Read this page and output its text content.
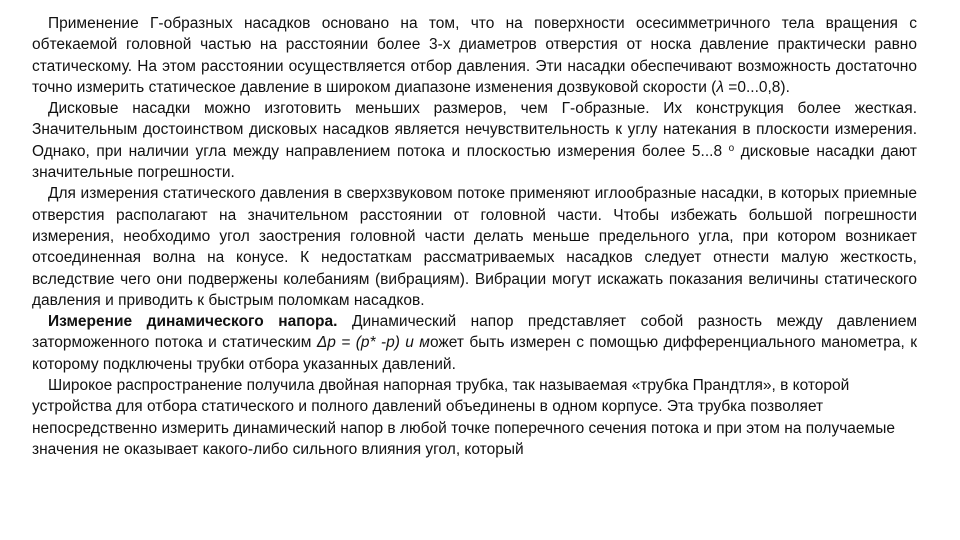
Применение Г-образных насадков основано на том, что на поверхности осесимметричного тела вращения с обтекаемой головной частью на расстоянии более 3-х диаметров отверстия от носка давление практически равно статическому. На этом расстоянии осуществляется отбор давления. Эти насадки обеспечивают возможность достаточно точно измерить статическое давление в широком диапазоне изменения дозвуковой скорости (λ =0...0,8).

Дисковые насадки можно изготовить меньших размеров, чем Г-образные. Их конструкция более жесткая. Значительным достоинством дисковых насадков является нечувствительность к углу натекания в плоскости измерения. Однако, при наличии угла между направлением потока и плоскостью измерения более 5...8 $^о$ дисковые насадки дают значительные погрешности.

Для измерения статического давления в сверхзвуковом потоке применяют иглообразные насадки, в которых приемные отверстия располагают на значительном расстоянии от головной части. Чтобы избежать большой погрешности измерения, необходимо угол заострения головной части делать меньше предельного угла, при котором возникает отсоединенная волна на конусе. К недостаткам рассматриваемых насадков следует отнести малую жесткость, вследствие чего они подвержены колебаниям (вибрациям). Вибрации могут искажать показания величины статического давления и приводить к быстрым поломкам насадков.

Измерение динамического напора. Динамический напор представляет собой разность между давлением заторможенного потока и статическим Δp = (p* -p) и может быть измерен с помощью дифференциального манометра, к которому подключены трубки отбора указанных давлений.

Широкое распространение получила двойная напорная трубка, так называемая «трубка Прандтля», в которой устройства для отбора статического и полного давлений объединены в одном корпусе. Эта трубка позволяет непосредственно измерить динамический напор в любой точке поперечного сечения потока и при этом на получаемые значения не оказывает какого-либо сильного влияния угол, который
